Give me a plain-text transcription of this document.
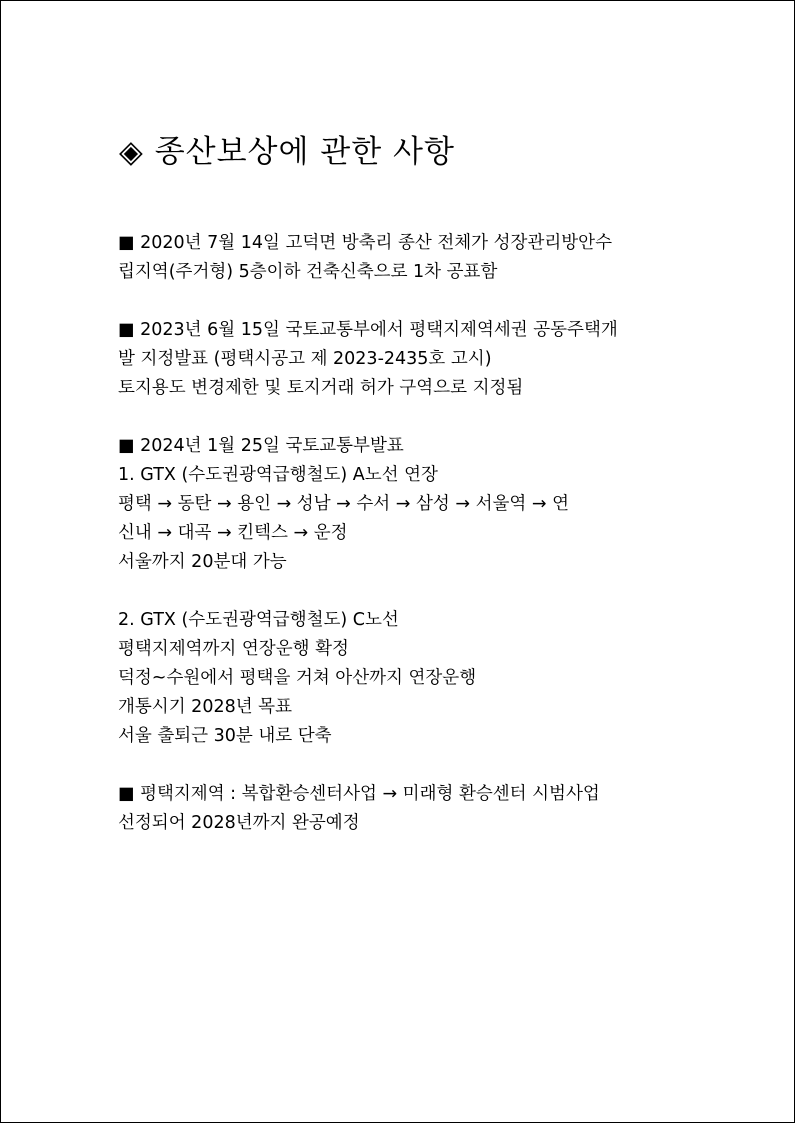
◈ 종산보상에 관한 사항
■ 2020년 7월 14일 고덕면 방축리 종산 전체가 성장관리방안수
립지역(주거형) 5층이하 건축신축으로 1차 공표함
■ 2023년 6월 15일 국토교통부에서 평택지제역세권 공동주택개
발 지정발표 (평택시공고 제 2023-2435호 고시)
토지용도 변경제한 및 토지거래 허가 구역으로 지정됨
■ 2024년 1월 25일 국토교통부발표
1. GTX (수도권광역급행철도) A노선 연장
평택 → 동탄 → 용인 → 성남 → 수서 → 삼성 → 서울역 → 연
신내 → 대곡 → 킨텍스 → 운정
서울까지 20분대 가능
2. GTX (수도권광역급행철도) C노선
평택지제역까지 연장운행 확정
덕정~수원에서 평택을 거쳐 아산까지 연장운행
개통시기 2028년 목표
서울 출퇴근 30분 내로 단축
■ 평택지제역 : 복합환승센터사업 → 미래형 환승센터 시범사업
선정되어 2028년까지 완공예정
